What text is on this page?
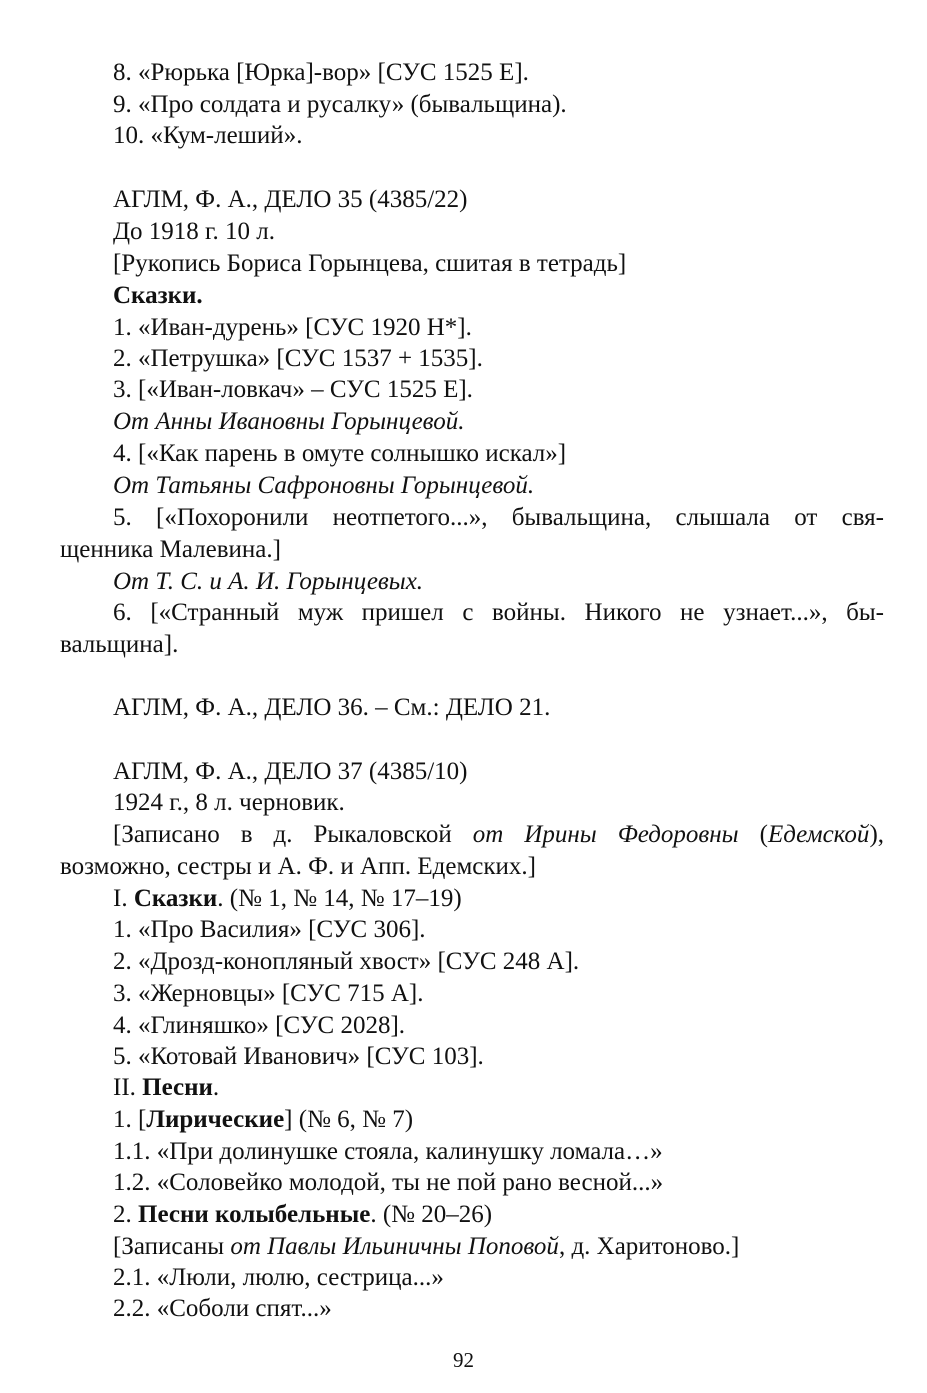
8. «Рюрька [Юрка]-вор» [СУС 1525 Е].
9. «Про солдата и русалку» (бывальщина).
10. «Кум-леший».
АГЛМ, Ф. А., ДЕЛО 35 (4385/22)
До 1918 г. 10 л.
[Рукопись Бориса Горынцева, сшитая в тетрадь]
Сказки.
1. «Иван-дурень» [СУС 1920 Н*].
2. «Петрушка» [СУС 1537 + 1535].
3. [«Иван-ловкач» – СУС 1525 Е].
От Анны Ивановны Горынцевой.
4. [«Как парень в омуте солнышко искал»]
От Татьяны Сафроновны Горынцевой.
5. [«Похоронили неотпетого...», бывальщина, слышала от свя-
щенника Малевина.]
От Т. С. и А. И. Горынцевых.
6. [«Странный муж пришел с войны. Никого не узнает...», бы-
вальщина].
АГЛМ, Ф. А., ДЕЛО 36. – См.: ДЕЛО 21.
АГЛМ, Ф. А., ДЕЛО 37 (4385/10)
1924 г., 8 л. черновик.
[Записано в д. Рыкаловской от Ирины Федоровны (Едемской),
возможно, сестры и А. Ф. и Апп. Едемских.]
I. Сказки. (№ 1, № 14, № 17–19)
1. «Про Василия» [СУС 306].
2. «Дрозд-конопляный хвост» [СУС 248 А].
3. «Жерновцы» [СУС 715 А].
4. «Глиняшко» [СУС 2028].
5. «Котовай Иванович» [СУС 103].
II. Песни.
1. [Лирические] (№ 6, № 7)
1.1. «При долинушке стояла, калинушку ломала…»
1.2. «Соловейко молодой, ты не пой рано весной...»
2. Песни колыбельные. (№ 20–26)
[Записаны от Павлы Ильиничны Поповой, д. Харитоново.]
2.1. «Люли, люлю, сестрица...»
2.2. «Соболи спят...»
92
